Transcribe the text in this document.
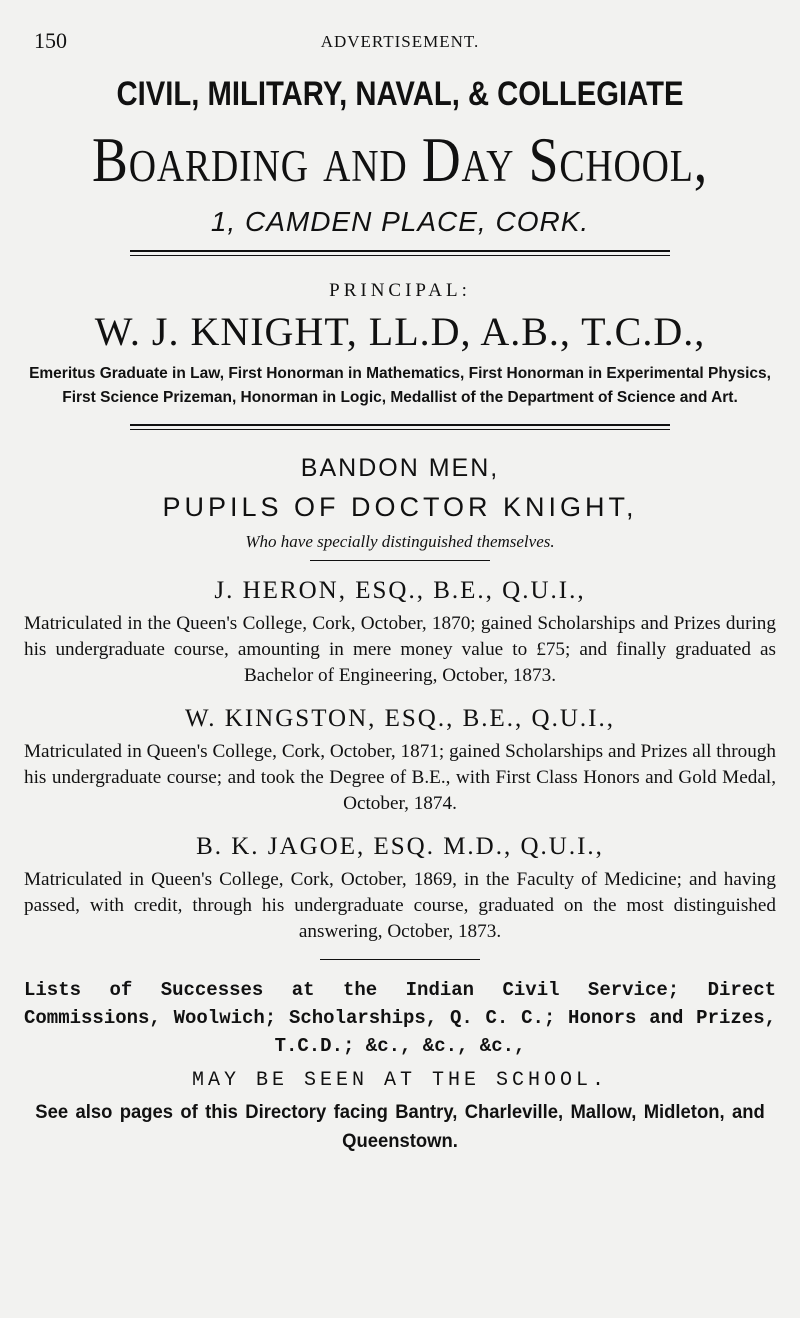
150	ADVERTISEMENT.
CIVIL, MILITARY, NAVAL, & COLLEGIATE
Boarding and Day School,
1, CAMDEN PLACE, CORK.
PRINCIPAL:
W. J. KNIGHT, LL.D, A.B., T.C.D.,
Emeritus Graduate in Law, First Honorman in Mathematics, First Honorman in Experimental Physics, First Science Prizeman, Honorman in Logic, Medallist of the Department of Science and Art.
BANDON MEN,
PUPILS OF DOCTOR KNIGHT,
Who have specially distinguished themselves.
J. HERON, ESQ., B.E., Q.U.I.,
Matriculated in the Queen's College, Cork, October, 1870; gained Scholarships and Prizes during his undergraduate course, amounting in mere money value to £75; and finally graduated as Bachelor of Engineering, October, 1873.
W. KINGSTON, ESQ., B.E., Q.U.I.,
Matriculated in Queen's College, Cork, October, 1871; gained Scholarships and Prizes all through his undergraduate course; and took the Degree of B.E., with First Class Honors and Gold Medal, October, 1874.
B. K. JAGOE, ESQ. M.D., Q.U.I.,
Matriculated in Queen's College, Cork, October, 1869, in the Faculty of Medicine; and having passed, with credit, through his undergraduate course, graduated on the most distinguished answering, October, 1873.
Lists of Successes at the Indian Civil Service; Direct Commissions, Woolwich; Scholarships, Q. C. C.; Honors and Prizes, T.C.D.; &c., &c., &c.,
MAY BE SEEN AT THE SCHOOL.
See also pages of this Directory facing Bantry, Charleville, Mallow, Midleton, and Queenstown.
